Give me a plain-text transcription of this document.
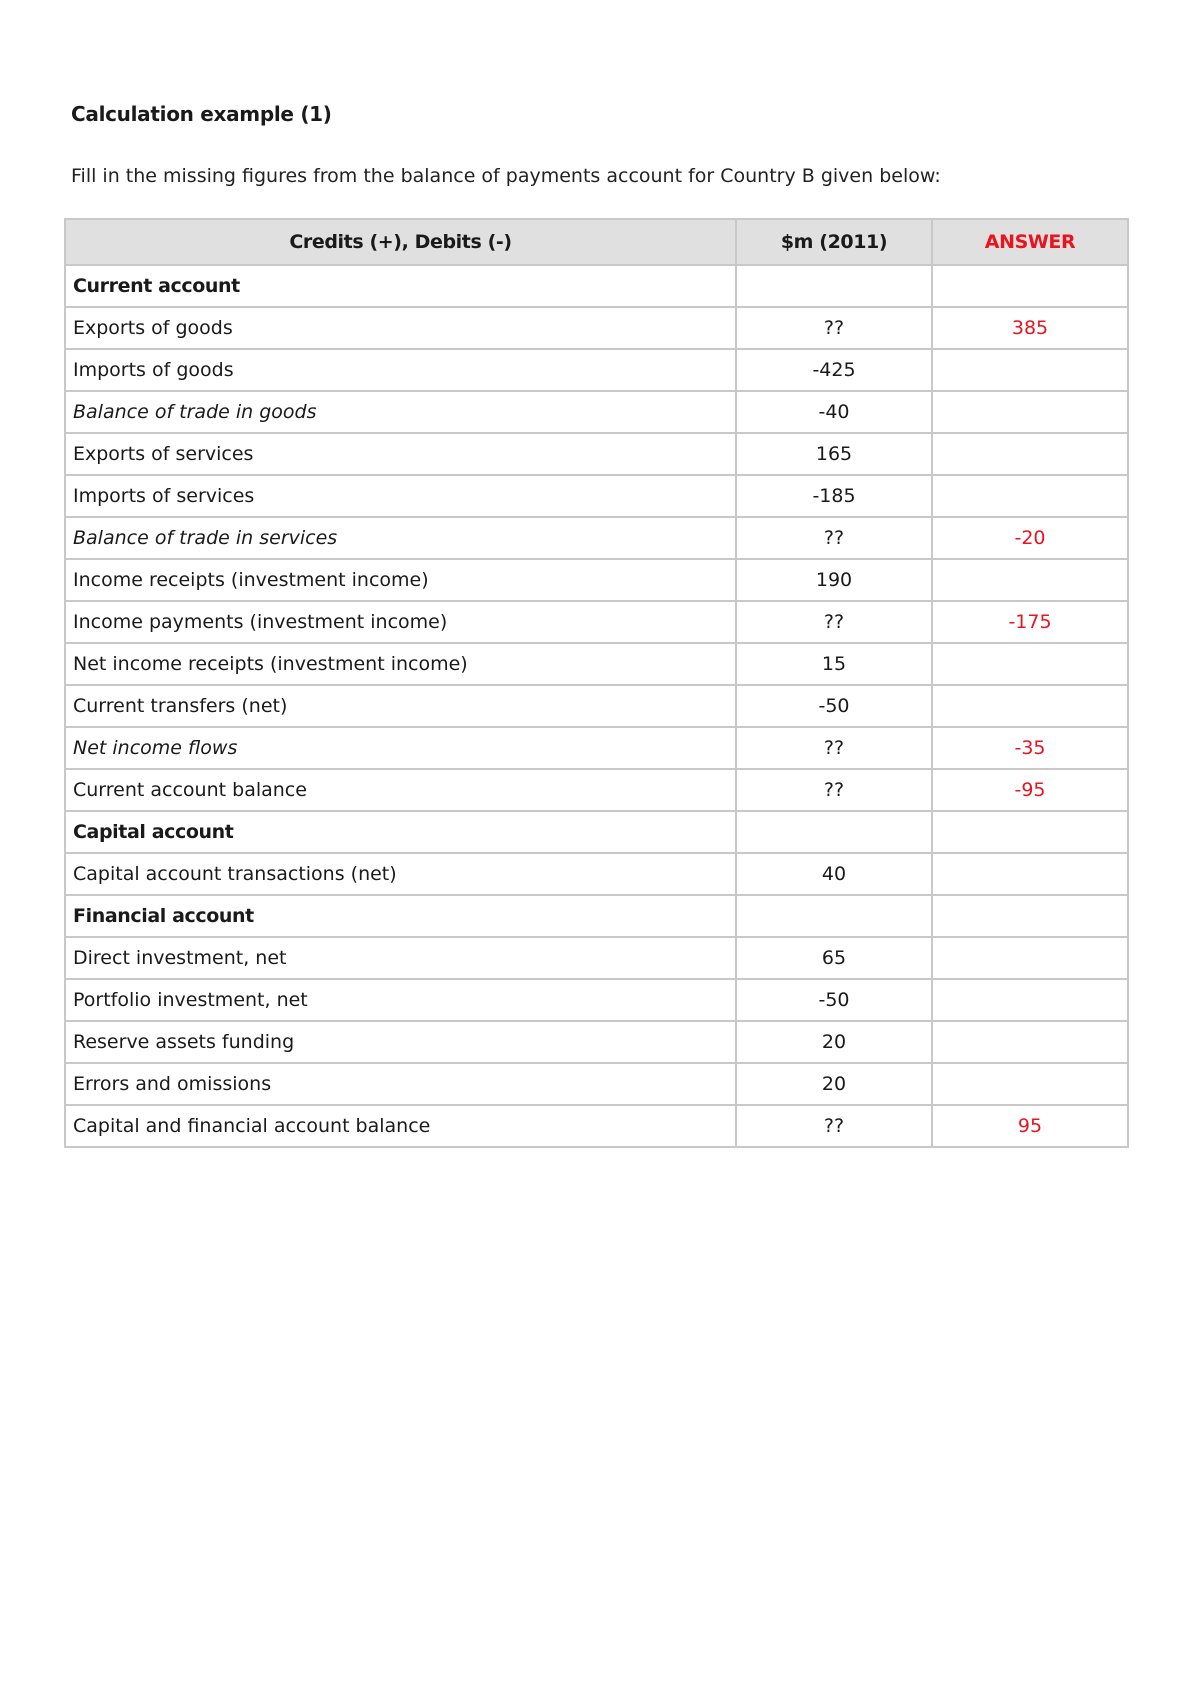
Calculation example (1)

Fill in the missing figures from the balance of payments account for Country B given below:

Credits (+), Debits (-)	$m (2011)	ANSWER
Current account		
Exports of goods	??	385
Imports of goods	-425	
Balance of trade in goods	-40	
Exports of services	165	
Imports of services	-185	
Balance of trade in services	??	-20
Income receipts (investment income)	190	
Income payments (investment income)	??	-175
Net income receipts (investment income)	15	
Current transfers (net)	-50	
Net income flows	??	-35
Current account balance	??	-95
Capital account		
Capital account transactions (net)	40	
Financial account		
Direct investment, net	65	
Portfolio investment, net	-50	
Reserve assets funding	20	
Errors and omissions	20	
Capital and financial account balance	??	95
